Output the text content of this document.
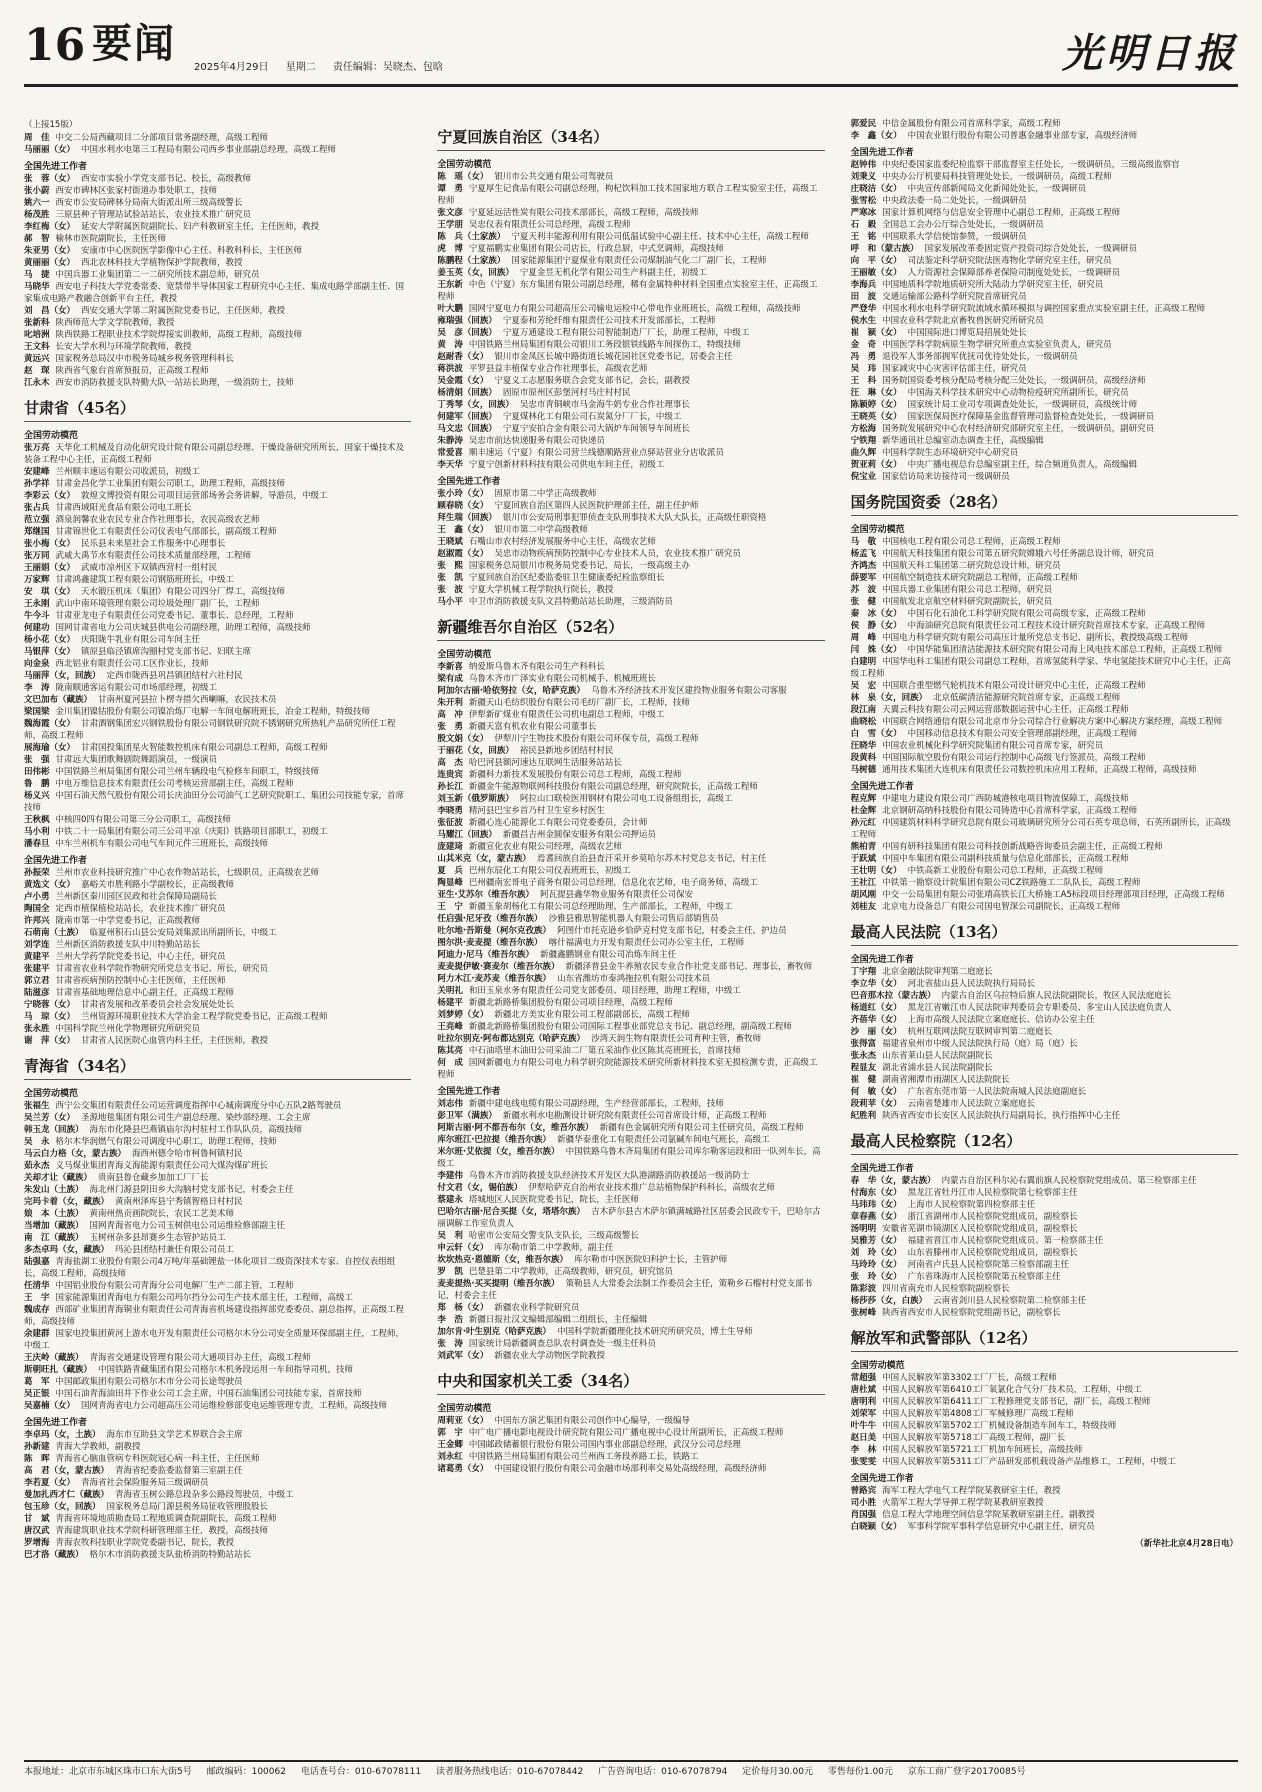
16 要闻
2025年4月29日 星期二 责任编辑：吴晓杰、包晗	光明日报
（上接15版）

周　佳 中交二公局西藏项目二分部项目常务副经理，高级工程师

马丽丽（女） 中国水利水电第三工程局有限公司西乡事业部副总经理，高级工程师

全国先进工作者

张　蓉（女） 西安市实验小学党支部书记、校长，高级教师

张小蔚 西安市碑林区张家村街道办事处职工，技师

姚六一 西安市公安局碑林分局南大街派出所三级高级警长

杨茂胜 三原县种子管理站试验站站长，农业技术推广研究员

李红梅（女） 延安大学附属医院副院长、妇产科教研室主任，主任医师，教授

郝　智 榆林市医院副院长，主任医师

朱亚男（女） 安康市中心医院医学影像中心主任、科教科科长，主任医师

黄丽丽（女） 西北农林科技大学植物保护学院教师，教授

马　捷 中国兵器工业集团第二一二研究所技术副总师，研究员

马晓华 西安电子科技大学党委常委、宽禁带半导体国家工程研究中心主任、集成电路学部副主任、国家集成电路产教融合创新平台主任，教授

刘　昌（女） 西安交通大学第二附属医院党委书记，主任医师，教授

张新科 陕西师范大学文学院教师，教授

叱培洲 陕西铁路工程职业技术学院焊接实训教师，高级工程师，高级技师

王文科 长安大学水利与环境学院教师，教授

黄远兴 国家税务总局汉中市税务局城乡税务管理科科长

赵　琛 陕西省气象台首席预报员，正高级工程师

江永木 西安市消防救援支队特勤大队一站站长助理，一级消防士，技师

甘肃省（45名）
全国劳动模范

张万亮 天华化工机械及自动化研究设计院有限公司副总经理、干燥设备研究所所长，国家干燥技术及装备工程中心主任，正高级工程师

安建峰 兰州顺丰速运有限公司收派员，初级工

孙学祥 甘肃金昌化学工业集团有限公司职工，助理工程师，高级技师

李彩云（女） 敦煌文博投资有限公司项目运营部场务会务讲解，导游员，中级工

张占兵 甘肃西域阳光食品有限公司电工班长

范立强 酒泉润馨农业农民专业合作社理事长，农民高级农艺师

郑继国 甘肃锦世化工有限责任公司仪表电气部部长，副高级工程师

张小梅（女） 民乐县未来星社会工作服务中心理事长

张万同 武威大禹节水有限责任公司技术质量部经理，工程师

王丽娟（女） 武威市凉州区下双镇西营村一组村民

万家辉 甘肃鸿鑫建筑工程有限公司钢筋班班长，中级工

安　琪（女） 天水锻压机床（集团）有限公司四分厂焊工，高级技师

王永刚 武山中南环境管理有限公司垃圾处理厂副厂长，工程师

牛今斗 甘肃亚龙电子有限责任公司党委书记、董事长、总经理，工程师

何建功 国网甘肃省电力公司庆城县供电公司副经理，助理工程师，高级技师

杨小花（女） 庆阳陇牛乳业有限公司车间主任

马银萍（女） 镇原县临泾镇席沟圈村党支部书记、妇联主席

向金泉 西北铝业有限责任公司工区作业长，技师

马丽萍（女，回族） 定西市陇西县巩昌镇团结村六社村民

李　涛 陇南顺通客运有限公司市场部经理，初级工

文巴加布（藏族） 甘南州夏河县拉卜楞寺措欠西喇嘛，农民技术员

梁国梁 金川集团镍钴股份有限公司镍冶炼厂电解一车间电解班班长，冶金工程师，特级技师

魏海霞（女） 甘肃酒钢集团宏兴钢铁股份有限公司钢铁研究院不锈钢研究所热轧产品研究所任工程师，高级工程师

展海瑜（女） 甘肃国投集团星火智能数控机床有限公司副总工程师，高级工程师

张　强 甘肃远大集团歌舞剧院舞蹈演员，一级演员

田伟彬 中国铁路兰州局集团有限公司兰州车辆段电气检修车间职工，特级技师

鲁　鹏 中电万维信息技术有限责任公司考核运营部副主任，高级工程师

杨义兴 中国石油天然气股份有限公司长庆油田分公司油气工艺研究院职工、集团公司技能专家，首席技师

王秋枫 中核四0四有限公司第三分公司职工，高级技师

马小利 中铁二十一局集团有限公司三公司平凉（庆阳）铁路项目部职工，初级工

潘春旦 中车兰州机车有限公司电气车间元件三班班长，高级技师

全国先进工作者

孙振荣 兰州市农业科技研究推广中心农作物站站长，七级职员，正高级农艺师

黄选文（女） 嘉峪关市胜利路小学副校长，正高级教师

卢小勇 兰州新区秦川园区民政和社会保障局副局长

陶国全 定西市植保植检站站长，农业技术推广研究员

许邦兴 陇南市第一中学党委书记，正高级教师

石萌南（土族） 临夏州积石山县公安局刘集派出所副所长，中级工

刘学连 兰州新区消防救援支队中川特勤站站长

黄建平 兰州大学药学院党委书记，中心主任，研究员

张建平 甘肃省农业科学院作物研究所党总支书记、所长，研究员

郭立君 甘肃省疾病预防控制中心主任医师，主任医师

陆滋彦 甘肃省基础地理信息中心副主任，正高级工程师

宁晓蓉（女） 甘肃省发展和改革委员会社会发展处处长

马　琼（女） 兰州资源环境职业技术大学冶金工程学院党委书记，正高级工程师

张永胜 中国科学院兰州化学物理研究所研究员

谢　萍（女） 甘肃省人民医院心血管内科主任，主任医师，教授

青海省（34名）
全国劳动模范

张福生 西宁公交集团有限责任公司运营调度指挥中心城南调度分中心五队2路驾驶员

吴兰芳（女） 圣源地毯集团有限公司生产副总经理、染纱部经理、工会主席

韩玉龙（回族） 海东市化隆县巴燕镇庙尔沟村驻村工作队队员，高级技师

吴　永 格尔木华润燃气有限公司调度中心职工，助理工程师，技师

马云白力格（女，蒙古族） 海西州德令哈市柯鲁柯镇村民

茹永杰 义马煤业集团青海义海能源有限责任公司大煤沟煤矿班长

关却才让（藏族） 贵南县鲁仓藏乡加加工厂厂长

朱发山（土族） 海北州门源县阴田乡大沟脑村党支部书记，村委会主任

完玛卡着（女，藏族） 黄南州泽库县宁秀镇智格日村村民

娘　本（土族） 黄南州热贡画院院长，农民工艺美术师

当增加（藏族） 国网青海省电力公司玉树供电公司运维检修部副主任

南　江（藏族） 玉树州杂多县昂赛乡生态管护站员工

多杰卓玛（女，藏族） 玛沁县团结村兼任有限公司员工

陆强嘉 青海盐湖工业股份有限公司4万吨/年基础锂盐一体化项目二级资深技术专家、自控仪表组组长，高级工程师，高级技师

任清华 中国铝业股份有限公司青海分公司电解厂生产二部主管，工程师

王　宇 国家能源集团青海电力有限公司玛尔挡分公司生产技术部主任，工程师，高级工

魏成存 西部矿业集团青海铜业有限责任公司青海省机场建设指挥部党委委员、副总指挥，正高级工程师，高级技师

余建群 国家电投集团黄河上游水电开发有限责任公司格尔木分公司安全质量环保部副主任，工程师，中级工

王庆岭（藏族） 青海省交通建设管理有限公司大通项目办主任，高级工程师

斯朝旺扎（藏族） 中国铁路青藏集团有限公司格尔木机务段运用一车间指导司机，技师

葛　军 中国邮政集团有限公司格尔木市分公司长途驾驶员

吴正银 中国石油青海油田井下作业公司工会主席，中国石油集团公司技能专家，首席技师

吴嘉楠（女） 国网青海省电力公司超高压公司运维检修部变电运维管理专责，工程师，高级技师

全国先进工作者

李卓玛（女，土族） 海东市互助县文学艺术界联合会主席

孙新建 青海大学教师，副教授

陈　晖 青海省心脑血管病专科医院冠心病一科主任，主任医师

高　君（女，蒙古族） 青海省纪委监委监督第三室副主任

李若夏（女） 青海省社会保险服务局三级调研员

曼加扎西才仁（藏族） 青海省玉树公路总段杂多公路段驾驶员，中级工

包玉珍（女，回族） 国家税务总局门源县税务局征收管理股股长

甘　斌 青海省环境地质勘查局工程地质调查院副院长，高级工程师

唐汉武 青海建筑职业技术学院科研管理部主任，教授，高级技师

罗增海 青海农牧科技职业学院党委副书记，院长，教授

巴才洛（藏族） 格尔木市消防救援支队盐桥消防特勤站站长

宁夏回族自治区（34名）
全国劳动模范

陈　瑶（女） 银川市公共交通有限公司驾驶员

谭　勇 宁夏厚生记食品有限公司副总经理，枸杞饮料加工技术国家地方联合工程实验室主任，高级工程师

张文彦 宁夏延远活性炭有限公司技术部部长，高级工程师，高级技师

王学朋 吴忠仪表有限责任公司总经理，高级工程师

陈　兵（土家族） 宁夏天利丰能源利用有限公司低温试验中心副主任、技术中心主任，高级工程师

虎　博 宁夏福鹏实业集团有限公司店长，行政总厨，中式烹调师，高级技师

陈鹏程（土家族） 国家能源集团宁夏煤业有限责任公司煤制油气化二厂副厂长，工程师

姜玉英（女，回族） 宁夏金昱无机化学有限公司生产科副主任，初级工

王东新 中色（宁夏）东方集团有限公司副总经理，稀有金属特种材料全国重点实验室主任，正高级工程师

叶大鹏 国网宁夏电力有限公司超高压公司输电运检中心带电作业班班长，高级工程师，高级技师

雍瑞强（回族） 宁夏泰和芳纶纤维有限责任公司技术开发部部长，工程师

吴　彦（回族） 宁夏万通建设工程有限公司智能制造厂厂长，助理工程师，中级工

黄　涛 中国铁路兰州局集团有限公司银川工务段银铁线路车间探伤工，特级技师

赵耐香（女） 银川市金凤区长城中路街道长城花园社区党委书记，居委会主任

蒋洪波 平罗县益丰植保专业合作社理事长，高级农艺师

吴金霞（女） 宁夏义工志愿服务联合会党支部书记，会长，副教授

杨清娟（回族） 固原市原州区彭堡河村马庄村村民

丁秀琴（女，回族） 吴忠市青铜峡市马金海牛奶专业合作社理事长

何建军（回族） 宁夏煤林化工有限公司石炭氮分厂厂长，中级工

马文忠（回族） 宁夏宁安拍合金有限公司大锅炉车间领导车间班长

朱静涛 吴忠市前达快递服务有限公司快递员

常爱喜 顺丰速运（宁夏）有限公司营兰线德顺路营业点驿站营业分店收派员

李天华 宁夏宁创新材料科技有限公司供电车间主任，初级工

全国先进工作者

张小玲（女） 固原市第二中学正高级教师

顾春晓（女） 宁夏回族自治区第四人民医院护理部主任，副主任护师

拜生瑞（回族） 银川市公安局刑事犯罪侦查支队刑事技术大队大队长，正高级任职资格

王　鑫（女） 银川市第二中学高级教师

王晓斌 石嘴山市农村经济发展服务中心主任，高级农艺师

赵淑霞（女） 吴忠市动物疾病预防控制中心专业技术人员，农业技术推广研究员

张　熙 国家税务总局银川市税务局党委书记，局长，一级高级主办

张　凯 宁夏回族自治区纪委监委驻卫生健康委纪检监察组长

张　波 宁夏大学机械工程学院执行院长，教授

马小平 中卫市消防救援支队文昌特勤站站长助理，三级消防员

新疆维吾尔自治区（52名）
全国劳动模范

李新喜 纳爱斯乌鲁木齐有限公司生产科科长

梁有成 乌鲁木齐市广泽实业有限公司机械手、机械班班长

阿加尔古丽·哈依努拉（女，哈萨克族） 乌鲁木齐经济技术开发区建投物业服务有限公司客服

朱开利 新疆天山毛纺织股份有限公司毛纺厂副厂长，工程师，技师

高　冲 伊犁新矿煤业有限责任公司机电副总工程师，中级工

张　勇 新疆天富有机农业有限公司董事长

殷文娟（女） 伊犁川宁生物技术股份有限公司环保专员，高级工程师

于丽花（女，回族） 裕民县新地乡团结村村民

高　杰 哈巴河县额河速达互联网生活服务站站长

连贵宾 新疆科力新技术发展股份有限公司总工程师，高级工程师

孙长江 新疆金牛能源物联网科技股份有限公司副总经理，研究院院长，正高级工程师

刘玉新（俄罗斯族） 阿拉山口联检医用钢材有限公司电工设备组组长，高级工

李晓勇 精河县巴宝乡首乃村卫生室乡村医生

张征波 新疆心连心能源化工有限公司党委委员，会计师

马耀江（回族） 新疆昌吉州金圆保安服务有限公司押运员

庞建琦 新疆宣化农业有限公司经理，高级农艺师

山其米克（女，蒙古族） 焉耆回族自治县查汗采开乡莫哈尔苏木村党总支书记，村主任

夏　兵 巴州东辰化工有限公司仪表班班长，初级工

陶显峰 巴州疆南宏哥电子商务有限公司总经理，信息化农艺师，电子商务师，高级工

亚生·艾苏尔（维吾尔族） 阿瓦提县鑫华物业服务有限责任公司保安

王　宁 新疆玉象胡杨化工有限公司总经理助理、生产部部长，工程师，中级工

任启强·尼牙孜（维吾尔族） 沙雅县雅思智能机器人有限公司售后部销售员

吐尔地·吾斯曼（柯尔克孜族） 阿图什市托克逊乡恰萨克村党支部书记，村委会主任，护边员

图尔洪·麦麦提（维吾尔族） 喀什福满电力开发有限责任公司办公室主任，工程师

阿迪力·尼马（维吾尔族） 新疆鑫鹏钢业有限公司冶炼车间主任

麦麦提伊敏·赛麦尔（维吾尔族） 新疆泽普县金牛养殖农民专业合作社党支部书记、理事长，畜牧师

阿力木江·麦苏麦（维吾尔族） 山东省潍坊市泰鸿拖拉机有限公司技术员

关明礼 和田玉泉水务有限责任公司党支部委员、项目经理，助理工程师，中级工

杨建平 新疆北新路桥集团股份有限公司项目经理，高级工程师

刘梦婷（女） 新疆北方美实业有限公司工程部副部长，高级工程师

王亮峰 新疆北新路桥集团股份有限公司国际工程事业部党总支书记、副总经理，副高级工程师

吐拉尔别克·阿布都达别克（哈萨克族） 沙湾天润生物有限责任公司育种主管，畜牧师

陈其亮 中石油塔里木油田公司采油二厂第五采油作业区陈其亮班班长，首席技师

何　成 国网新疆电力有限公司电力科学研究院能源技术研究所新材料技术室无损检测专责，正高级工程师

全国先进工作者

刘志伟 新疆中建电线电缆有限公司副经理，生产经营部部长，工程师，技师

彭卫军（满族） 新疆水利水电勘测设计研究院有限责任公司首席设计师，正高级工程师

阿斯古丽·阿不都吾布尔（女，维吾尔族） 新疆有色金属研究所有限公司主任研究员，高级工程师

库尔班江·巴拉提（维吾尔族） 新疆华泰重化工有限责任公司氯碱车间电气班长，高级工

米尔班·艾依提（女，维吾尔族） 中国铁路乌鲁木齐局集团有限公司库尔勒客运段和田一队列车长，高级工

李建伟 乌鲁木齐市消防救援支队经济技术开发区大队港湖路消防救援站一级消防士

付文君（女，锡伯族） 伊犁哈萨克自治州农业技术推广总站植物保护科科长，高级农艺师

蔡建永 塔城地区人民医院党委书记，院长，主任医师

巴哈尔古丽·尼合买提（女，塔塔尔族） 吉木萨尔县吉木萨尔镇满城路社区居委会民政专干，巴哈尔古丽调解工作室负责人

吴　利 哈密市公安局交警支队支队长，三级高级警长

申云轩（女） 库尔勒市第二中学教师，副主任

坎坎热克·恩德斯（女，维吾尔族） 库尔勒市中医医院妇科护士长，主管护师

罗　凯 巴楚县第二中学教师，正高级教师，研究员，研究馆员

麦麦提热·买买提明（维吾尔族） 策勒县人大常委会法制工作委员会主任，策勒乡石榴村村党支部书记，村委会主任

郑　杨（女） 新疆农业科学院研究员

李　浩 新疆日报社汉文编辑部编辑二组组长，主任编辑

加尔肯·叶生别克（哈萨克族） 中国科学院新疆理化技术研究所研究员，博士生导师

张　涛 国家统计局新疆调查总队农村调查处一级主任科员

刘武军（女） 新疆农业大学动物医学院教授

中央和国家机关工委（34名）
全国劳动模范

周莉亚（女） 中国东方演艺集团有限公司创作中心编导，一级编导

郭　宇 中广电广播电影电视设计研究院有限公司广播电视中心设计所副所长，正高级工程师

王金卿 中国邮政储蓄银行股份有限公司国内事业部副总经理，武汉分公司总经理

刘永红 中国铁路兰州局集团有限公司兰州西工务段养路工长，铁路工

诸葛勇（女） 中国建设银行股份有限公司金融市场部利率交易处高级经理，高级经济师

郭爱民 中信金属股份有限公司首席科学家，高级工程师

李　鑫（女） 中国农业银行股份有限公司普惠金融事业部专家，高级经济师

全国先进工作者

赵钟伟 中央纪委国家监委纪检监察干部监督室主任处长，一级调研员，三级高级监察官

刘秉义 中央办公厅机要局科技管理处处长，一级调研员，高级工程师

庄晓洁（女） 中央宣传部新闻局文化新闻处处长，一级调研员

张雪松 中央政法委一局二处处长，一级调研员

严寒冰 国家计算机网络与信息安全管理中心副总工程师，正高级工程师

石　毅 全国总工会办公厅综合处处长，一级调研员

王　铭 中国联系大学信使馆参赞，一级调研员

呼　和（蒙古族） 国家发展改革委固定资产投资司综合处处长，一级调研员

向　平（女） 司法鉴定科学研究院法医毒物化学研究室主任，研究员

王丽敏（女） 人力资源社会保障部养老保险司制度处处长，一级调研员

李海兵 中国地质科学院地质研究所大陆动力学研究室主任，研究员

田　波 交通运输部公路科学研究院首席研究员

严登华 中国水利水电科学研究院流域水循环模拟与调控国家重点实验室副主任，正高级工程师

侯水生 中国农业科学院北京畜牧兽医研究所研究员

崔　颖（女） 中国国际进口博览局招展处处长

金　奇 中国医学科学院病原生物学研究所重点实验室负责人，研究员

冯　勇 退役军人事务部拥军优抚司优待处处长，一级调研员

吴　玮 国家减灾中心灾害评估部主任，研究员

王　科 国务院国资委考核分配局考核分配三处处长，一级调研员，高级经济师

汪　琳（女） 中国海关科学技术研究中心动物检疫研究所副所长，研究员

陈颖婷（女） 国家统计局工业司专项调查处处长，一级调研员，高级统计师

王晓英（女） 国家医保局医疗保障基金监督管理司监督检查处处长，一级调研员

方松海 国务院发展研究中心农村经济研究部研究室主任，一级调研员，副研究员

宁铁翔 新华通讯社总编室动态调查主任，高级编辑

曲久辉 中国科学院生态环境研究中心研究员

贺亚莉（女） 中央广播电视总台总编室副主任，综合频道负责人，高级编辑

倪宝业 国家信访局来访接待司一级调研员

国务院国资委（28名）
全国劳动模范

马　敬 中国核电工程有限公司总工程师，正高级工程师

杨孟飞 中国航天科技集团有限公司第五研究院嫦娥六号任务副总设计师，研究员

齐鸿杰 中国航天科工集团第二研究院总设计师，研究员

薛要军 中国航空制造技术研究院副总工程师，正高级工程师

苏　波 中国兵器工业集团有限公司总工程师，研究员

张　健 中国航发北京航空材料研究院副院长，研究员

秦　冰（女） 中国石化石油化工科学研究院有限公司高级专家，正高级工程师

侯　静（女） 中海油研究总院有限责任公司工程技术设计研究院首席技术专家，正高级工程师

周　峰 中国电力科学研究院有限公司高压计量所党总支书记、副所长，教授级高级工程师

闫　姝（女） 中国华能集团清洁能源技术研究院有限公司海上风电技术部总工程师，正高级工程师

白建明 中国华电科工集团有限公司副总工程师，首席氢能科学家、华电氢能技术研究中心主任，正高级工程师

吴　宏 中国联合重型燃气轮机技术有限公司设计研究中心主任，正高级工程师

林　泉（女，回族） 北京低碳清洁能源研究院首席专家，正高级工程师

段江南 天翼云科技有限公司云网运营部数据运营中心主任，正高级工程师

曲晓松 中国联合网络通信有限公司北京市分公司综合行业解决方案中心解决方案经理，高级工程师

白　雪（女） 中国移动信息技术有限公司安全管理部副经理，正高级工程师

汪晓华 中国农业机械化科学研究院集团有限公司首席专家，研究员

段黄科 中国国际航空股份有限公司运行控制中心高级飞行签派员，高级工程师

马树德 通用技术集团大连机床有限责任公司数控机床应用工程师，正高级工程师，高级技师

全国先进工作者

程克辉 中建电力建设有限公司广西防城港核电项目物流保障工，高级技师

杜金辉 北京钢研高纳科技股份有限公司铸造中心首席科学家，正高级工程师

孙元红 中国建筑材料科学研究总院有限公司玻璃研究所分公司石英专项总师，石英所副所长，正高级工程师

熊柏青 中国有研科技集团有限公司科技创新战略咨询委员会副主任，正高级工程师

于跃斌 中国中车集团有限公司副科技质量与信息化部部长，正高级工程师

王壮明（女） 中铁高新工业股份有限公司总工程师，正高级工程师

王社江 中铁第一勘察设计院集团有限公司CZ铁路施工二队队长，高级工程师

胡风刚 中交一公局集团有限公司张靖高铁长江大桥施工A5标段项目经理部项目经理，正高级工程师

刘桂友 北京电力设备总厂有限公司国电智深公司副院长，正高级工程师

最高人民法院（13名）
全国先进工作者

丁宇翔 北京金融法院审判第二庭庭长

李立华（女） 河北省盐山县人民法院执行局局长

巴音那木拉（蒙古族） 内蒙古自治区乌拉特后旗人民法院副院长，牧区人民法庭庭长

杨道红（女） 黑龙江省嫩江市人民法院审判委员会专职委员、多宝山人民法庭负责人

齐蓓华（女） 上海市高级人民法院立案庭庭长、信访办公室主任

沙　丽（女） 杭州互联网法院互联网审判第二庭庭长

张得富 福建省泉州市中级人民法院执行局（庭）局（庭）长

张永杰 山东省莱山县人民法院副院长

程显友 湖北省浦水县人民法院副院长

崔　健 湖南省湘潭市雨湖区人民法院院长

何　敏（女） 广东省东莞市第一人民法院南城人民法庭副庭长

段莉苹（女） 云南省楚雄市人民法院立案庭庭长

纪胜利 陕西省西安市长安区人民法院执行局副局长，执行指挥中心主任

最高人民检察院（12名）
全国先进工作者

春　华（女，蒙古族） 内蒙古自治区科尔沁右翼前旗人民检察院党组成员、第三检察部主任

付海东（女） 黑龙江省牡丹江市人民检察院第七检察部主任

马玮玮（女） 上海市人民检察院第四检察部主任

章春燕（女） 浙江省湖州市人民检察院党组成员，副检察长

汤明明 安徽省芜湖市镜湖区人民检察院党组成员，副检察长

吴雅芳（女） 福建省晋江市人民检察院党组成员、第一检察部主任

刘　玲（女） 山东省滕州市人民检察院党组成员，副检察长

马玲玲（女） 河南省卢氏县人民检察院第三检察部副主任

张　玲（女） 广东省珠海市人民检察院第五检察部主任

陈彩波 四川省南充市人民检察院副检察长

杨莎莎（女，白族） 云南省剑川县人民检察院第二检察部主任

张树峰 陕西省西安市人民检察院党组副书记，副检察长

解放军和武警部队（12名）
全国劳动模范

常超强 中国人民解放军第3302工厂厂长，高级工程师

唐杜斌 中国人民解放军第6410工厂氧氯化合气分厂技术员，工程师，中级工

唐明利 中国人民解放军第6411工厂工程修理党支部书记，副厂长，高级工程师

刘荣军 中国人民解放军第4808工厂军械修理厂高级工程师

叶牛牛 中国人民解放军第5702工厂机械设备制造车间车工，特级技师

赵日美 中国人民解放军第5718工厂高级工程师，副厂长

李　林 中国人民解放军第5721工厂机加车间班长，高级技师

张雯雯 中国人民解放军第5311工厂产品研发部机载设备产品维修工，工程师，中级工

全国先进工作者

曾路宾 海军工程大学电气工程学院某教研室主任，教授

司小胜 火箭军工程大学导弹工程学院某教研室教授

肖国强 信息工程大学地理空间信息学院某教研室副主任，副教授

白晓颖（女） 军事科学院军事科学信息研究中心副主任，研究员

（新华社北京4月28日电）
本报地址：北京市东城区珠市口东大街5号 邮政编码：100062 电话查号台：010-67078111 读者服务热线电话：010-67078442 广告咨询电话：010-67078794 定价每月30.00元 零售每份1.00元 京东工商广登字20170085号
